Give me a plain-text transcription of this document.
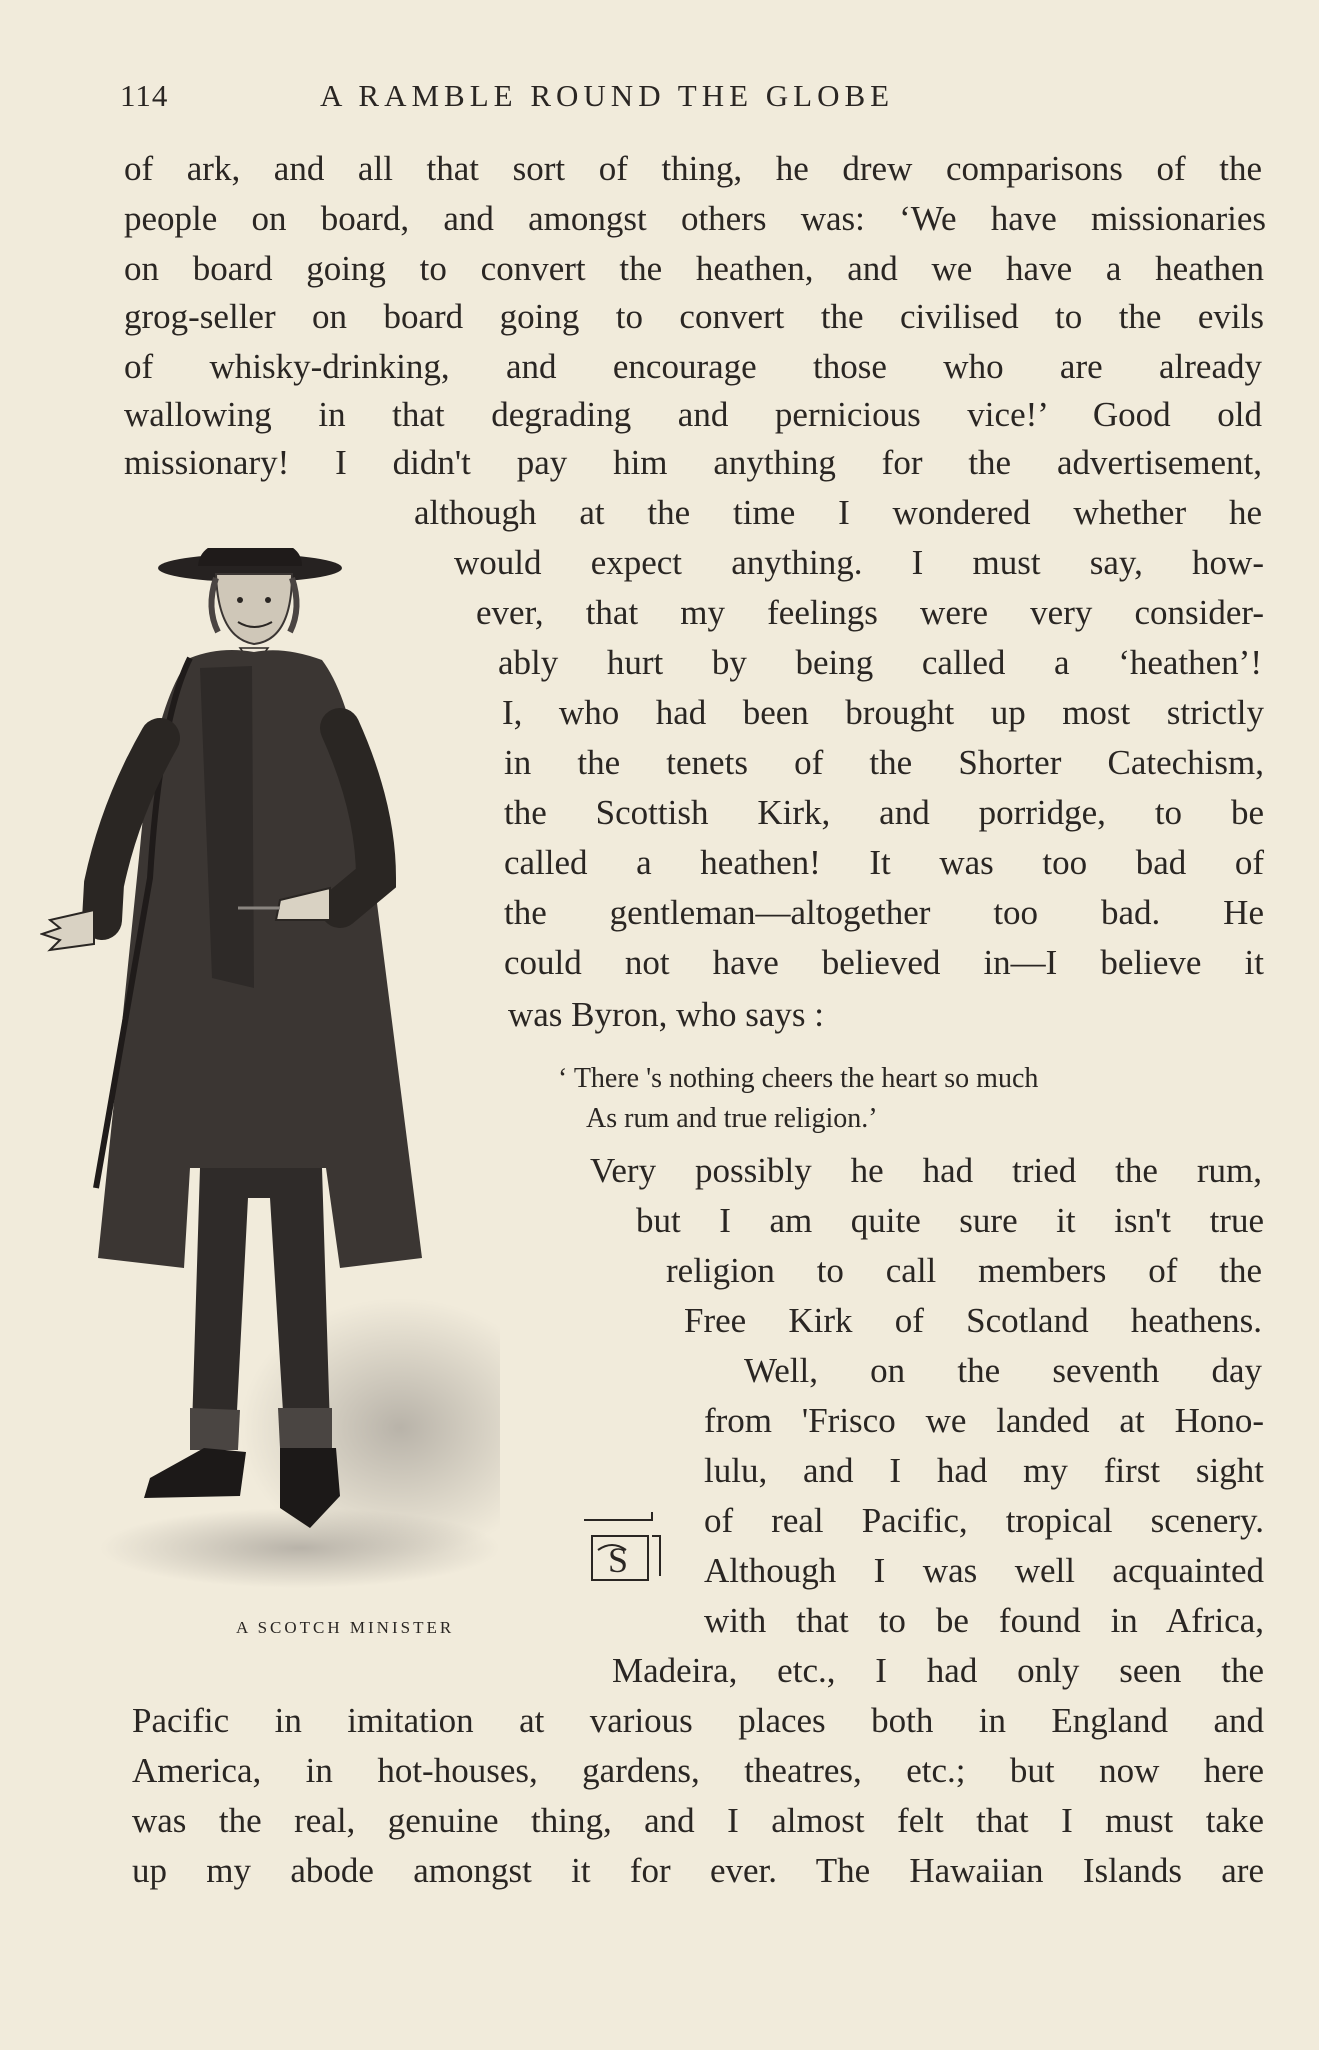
114	A RAMBLE ROUND THE GLOBE
A SCOTCH MINISTER
S
of ark, and all that sort of thing, he drew comparisons of the
people on board, and amongst others was: ‘We have missionaries
on board going to convert the heathen, and we have a heathen
grog-seller on board going to convert the civilised to the evils
of whisky-drinking, and encourage those who are already
wallowing in that degrading and pernicious vice!’ Good old
missionary! I didn't pay him anything for the advertisement,
although at the time I wondered whether he
would expect anything. I must say, how-
ever, that my feelings were very consider-
ably hurt by being called a ‘heathen’!
I, who had been brought up most strictly
in the tenets of the Shorter Catechism,
the Scottish Kirk, and porridge, to be
called a heathen! It was too bad of
the gentleman—altogether too bad. He
could not have believed in—I believe it
was Byron, who says :
‘ There 's nothing cheers the heart so much
As rum and true religion.’
Very possibly he had tried the rum,
but I am quite sure it isn't true
religion to call members of the
Free Kirk of Scotland heathens.
Well, on the seventh day
from 'Frisco we landed at Hono-
lulu, and I had my first sight
of real Pacific, tropical scenery.
Although I was well acquainted
with that to be found in Africa,
Madeira, etc., I had only seen the
Pacific in imitation at various places both in England and
America, in hot-houses, gardens, theatres, etc.; but now here
was the real, genuine thing, and I almost felt that I must take
up my abode amongst it for ever. The Hawaiian Islands are
